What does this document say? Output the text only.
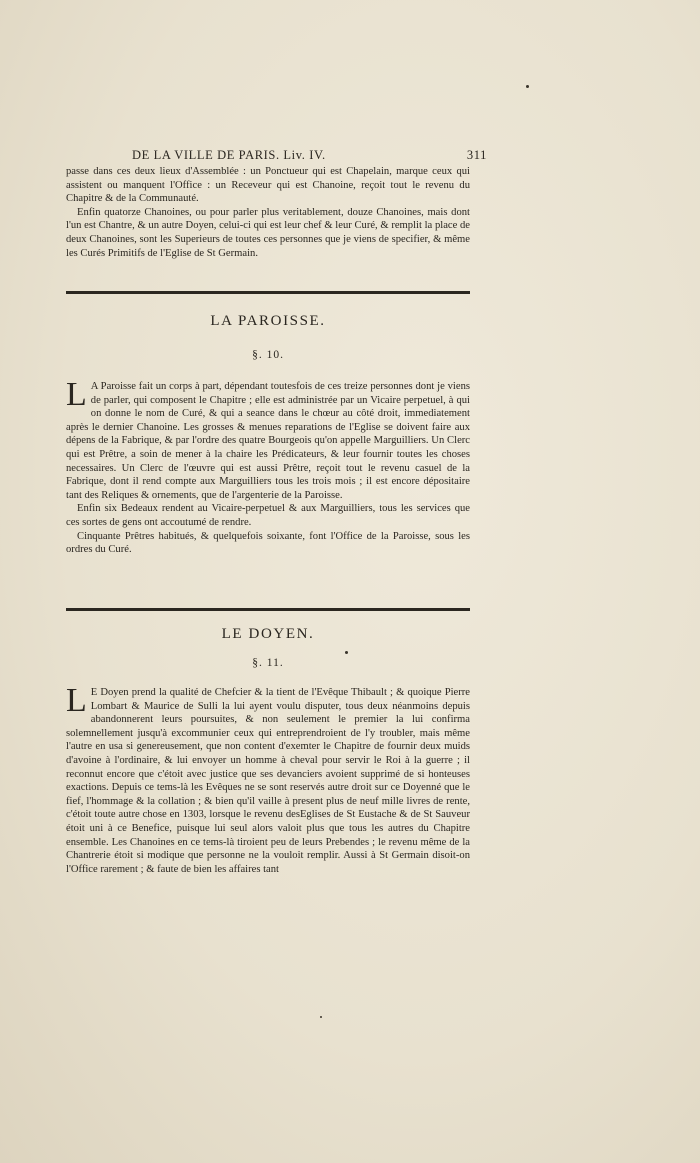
DE LA VILLE DE PARIS. Liv. IV.	311

passe dans ces deux lieux d'Assemblée : un Ponctueur qui est Chapelain, marque ceux qui assistent ou manquent l'Office : un Receveur qui est Chanoine, reçoit tout le revenu du Chapitre & de la Communauté.

Enfin quatorze Chanoines, ou pour parler plus veritablement, douze Chanoines, mais dont l'un est Chantre, & un autre Doyen, celui-ci qui est leur chef & leur Curé, & remplit la place de deux Chanoines, sont les Superieurs de toutes ces personnes que je viens de specifier, & même les Curés Primitifs de l'Eglise de St Germain.

LA PAROISSE.
§. 10.

L A Paroisse fait un corps à part, dépendant toutesfois de ces treize personnes dont je viens de parler, qui composent le Chapitre ; elle est administrée par un Vicaire perpetuel, à qui on donne le nom de Curé, & qui a seance dans le chœur au côté droit, immediatement après le dernier Chanoine. Les grosses & menues reparations de l'Eglise se doivent faire aux dépens de la Fabrique, & par l'ordre des quatre Bourgeois qu'on appelle Marguilliers. Un Clerc qui est Prêtre, a soin de mener à la chaire les Prédicateurs, & leur fournir toutes les choses necessaires. Un Clerc de l'œuvre qui est aussi Prêtre, reçoit tout le revenu casuel de la Fabrique, dont il rend compte aux Marguilliers tous les trois mois ; il est encore dépositaire tant des Reliques & ornements, que de l'argenterie de la Paroisse.

Enfin six Bedeaux rendent au Vicaire-perpetuel & aux Marguilliers, tous les services que ces sortes de gens ont accoutumé de rendre.

Cinquante Prêtres habitués, & quelquefois soixante, font l'Office de la Paroisse, sous les ordres du Curé.

LE DOYEN.
§. 11.

L E Doyen prend la qualité de Chefcier & la tient de l'Evêque Thibault ; & quoique Pierre Lombart & Maurice de Sulli la lui ayent voulu disputer, tous deux néanmoins depuis abandonnerent leurs poursuites, & non seulement le premier la lui confirma solemnellement jusqu'à excommunier ceux qui entreprendroient de l'y troubler, mais même l'autre en usa si genereusement, que non content d'exemter le Chapitre de fournir deux muids d'avoine à l'ordinaire, & lui envoyer un homme à cheval pour servir le Roi à la guerre ; il reconnut encore que c'étoit avec justice que ses devanciers avoient supprimé de si honteuses exactions. Depuis ce tems-là les Evêques ne se sont reservés autre droit sur ce Doyenné que le fief, l'hommage & la collation ; & bien qu'il vaille à present plus de neuf mille livres de rente, c'étoit toute autre chose en 1303, lorsque le revenu desEglises de St Eustache & de St Sauveur étoit uni à ce Benefice, puisque lui seul alors valoit plus que tous les autres du Chapitre ensemble. Les Chanoines en ce tems-là tiroient peu de leurs Prebendes ; le revenu même de la Chantrerie étoit si modique que personne ne la vouloit remplir. Aussi à St Germain disoit-on l'Office rarement ; & faute de bien les affaires tant
